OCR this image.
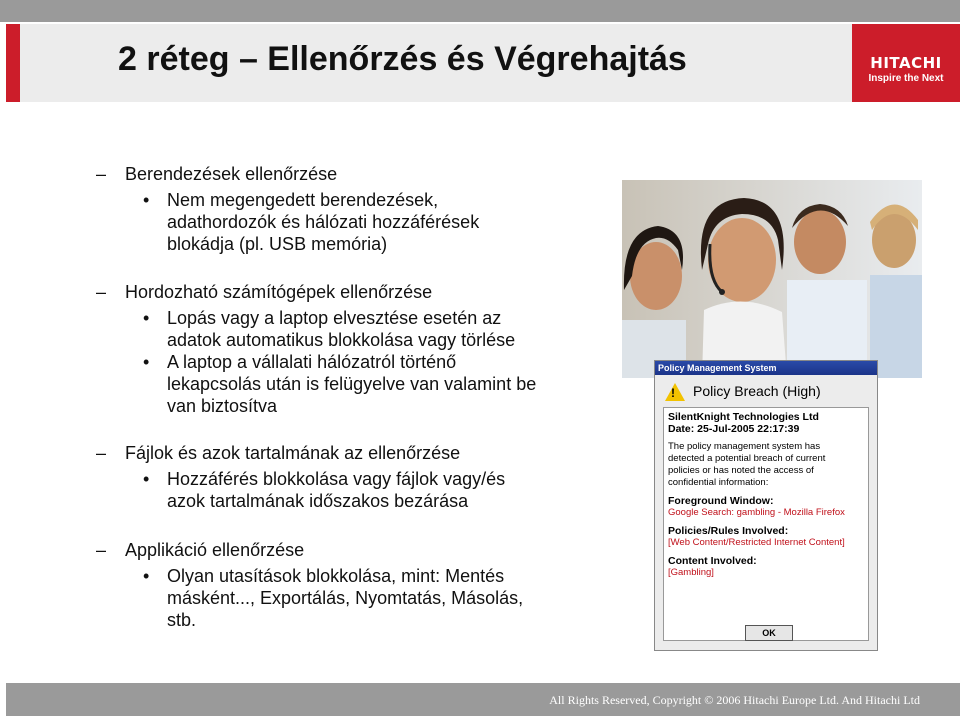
2 réteg – Ellenőrzés és Végrehajtás	HITACHI
Inspire the Next
– Berendezések ellenőrzése
• Nem megengedett berendezések,
adathordozók és hálózati hozzáférések
blokádja (pl. USB memória)
– Hordozható számítógépek ellenőrzése
• Lopás vagy a laptop elvesztése esetén az
adatok automatikus blokkolása vagy törlése
• A laptop a vállalati hálózatról történő
lekapcsolás után is felügyelve van valamint be
van biztosítva
– Fájlok és azok tartalmának az ellenőrzése
• Hozzáférés blokkolása vagy fájlok vagy/és
azok tartalmának időszakos bezárása
– Applikáció ellenőrzése
• Olyan utasítások blokkolása, mint: Mentés
másként..., Exportálás, Nyomtatás, Másolás,
stb.
Policy Management System
! Policy Breach (High)
SilentKnight Technologies Ltd
Date: 25-Jul-2005 22:17:39
The policy management system has
detected a potential breach of current
policies or has noted the access of
confidential information:
Foreground Window:
Google Search: gambling - Mozilla Firefox
Policies/Rules Involved:
[Web Content/Restricted Internet Content]
Content Involved:
[Gambling]
OK
All Rights Reserved, Copyright © 2006 Hitachi Europe Ltd. And Hitachi Ltd
